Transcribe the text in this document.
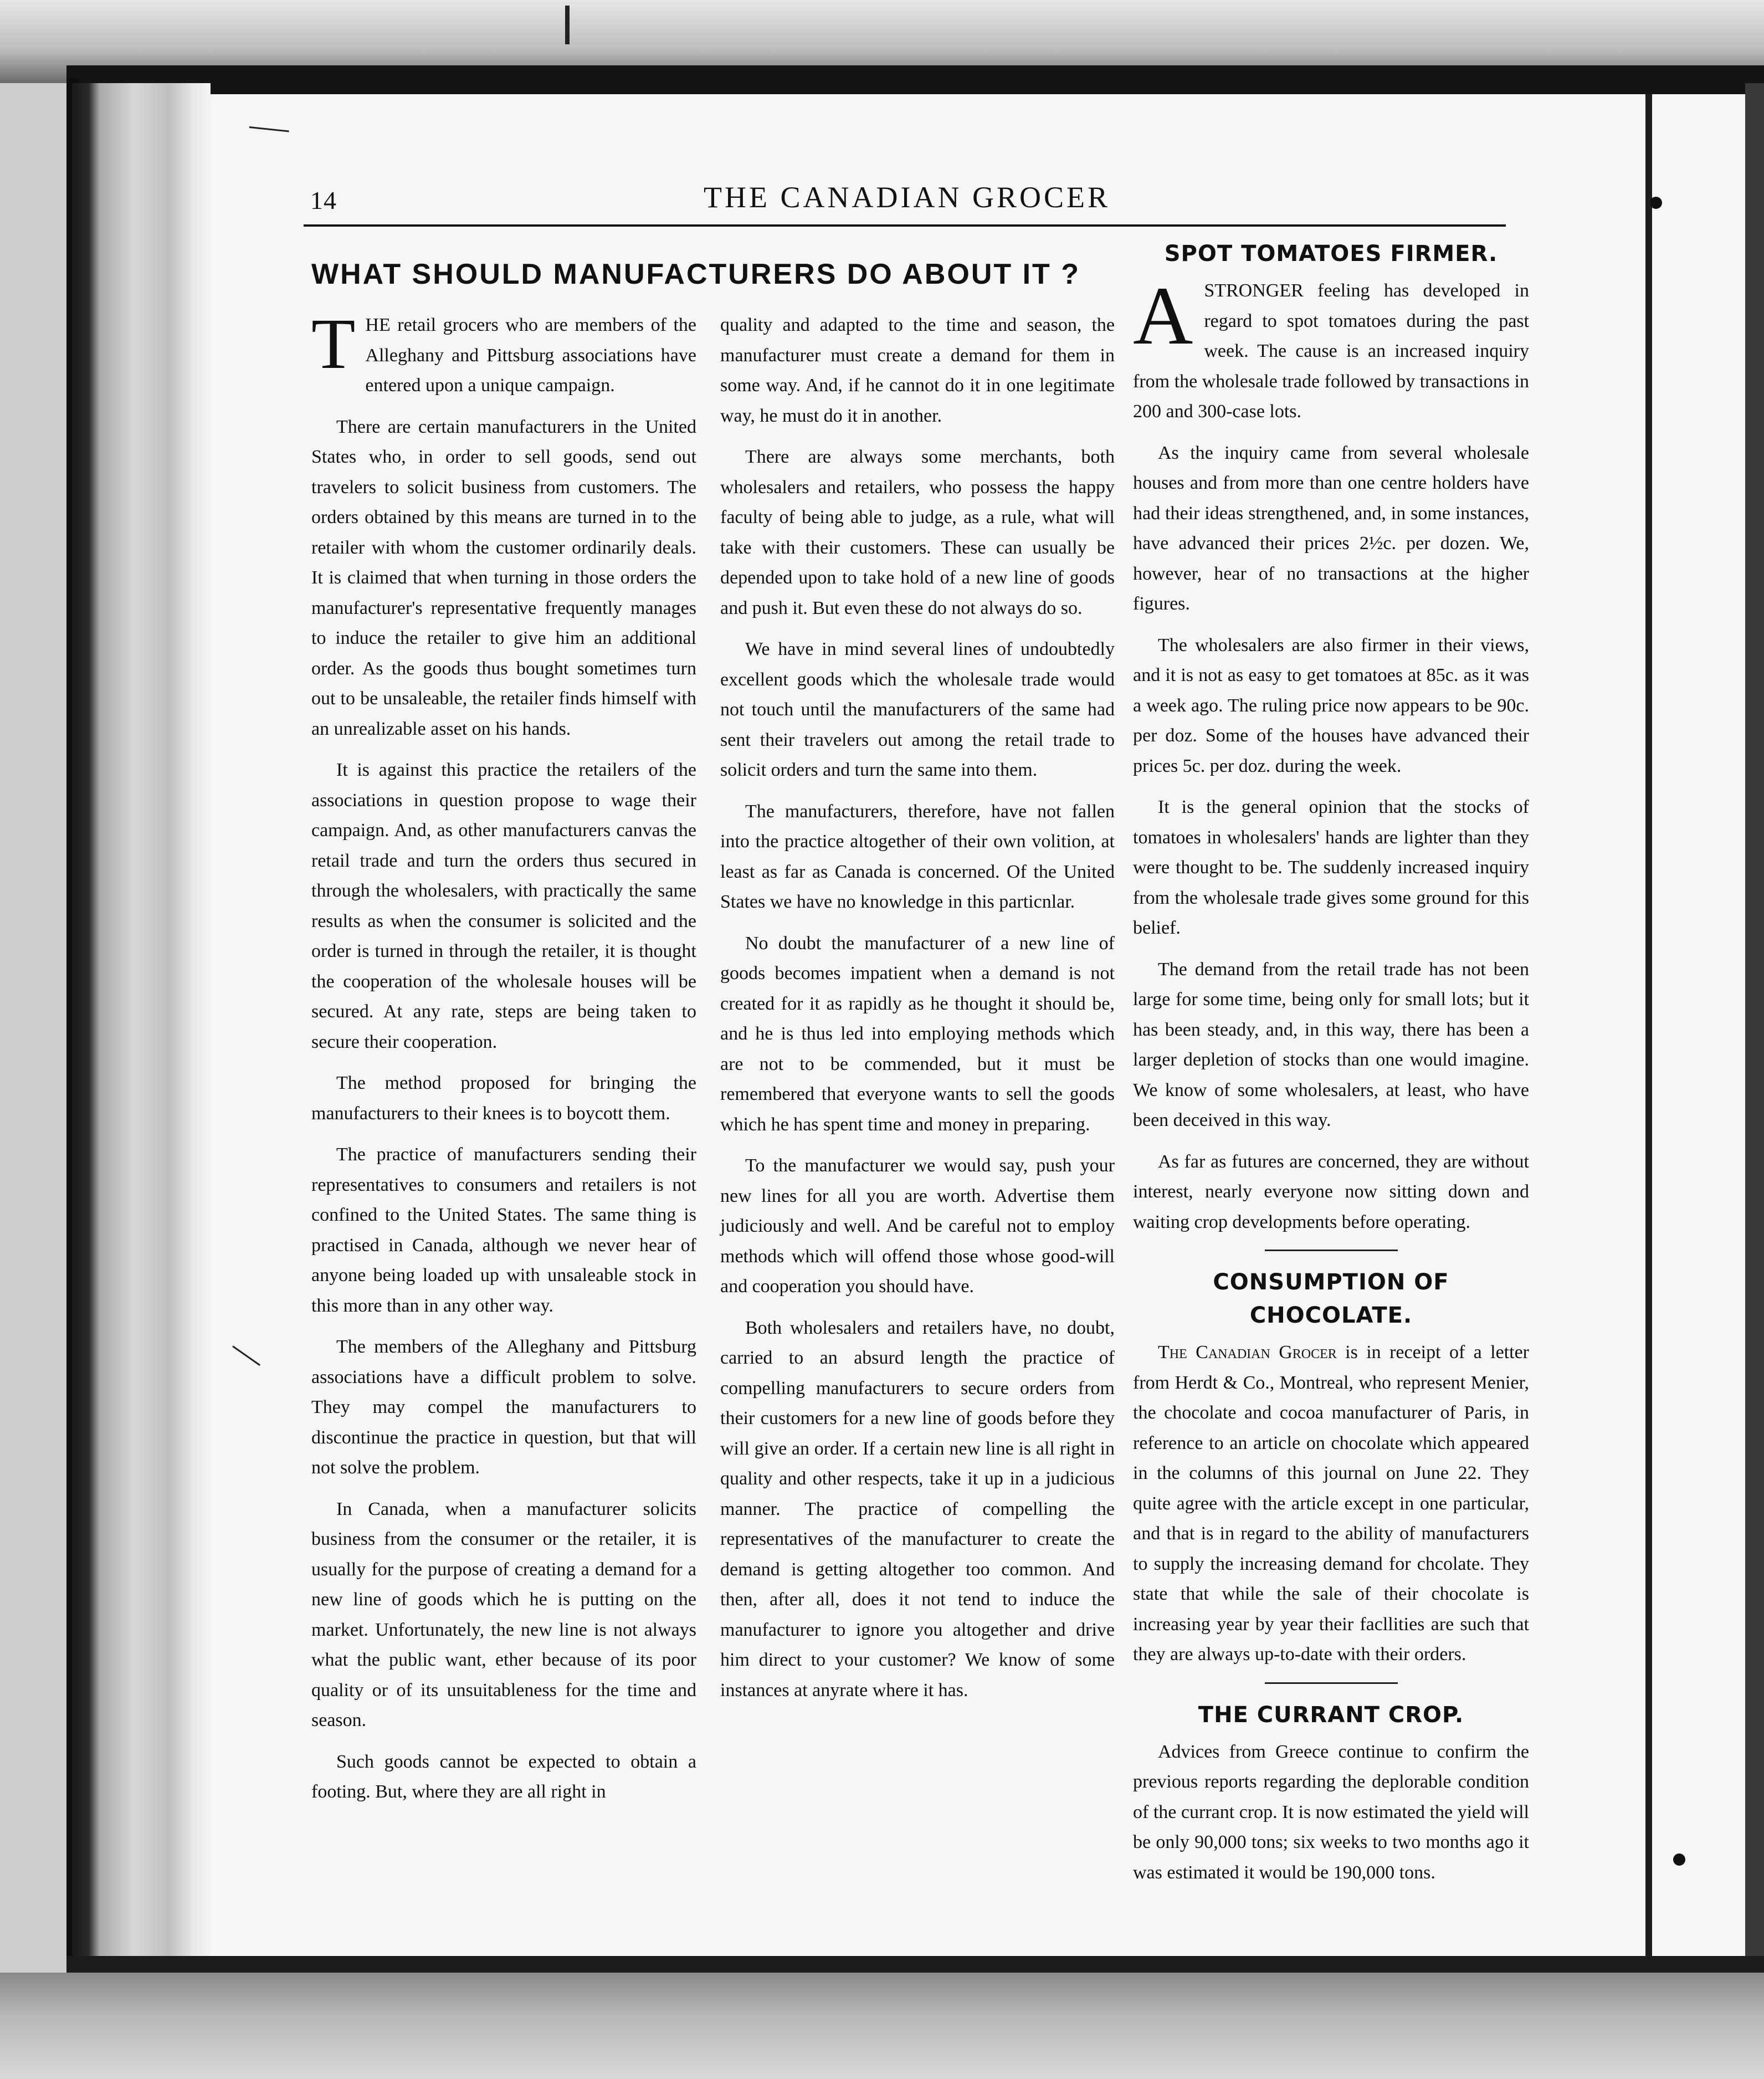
14	THE CANADIAN GROCER
WHAT SHOULD MANUFACTURERS DO ABOUT IT ?

THE retail grocers who are members of the Alleghany and Pittsburg associations have entered upon a unique campaign.

There are certain manufacturers in the United States who, in order to sell goods, send out travelers to solicit business from customers. The orders obtained by this means are turned in to the retailer with whom the customer ordinarily deals. It is claimed that when turning in those orders the manufacturer's representative frequently manages to induce the retailer to give him an additional order. As the goods thus bought sometimes turn out to be unsaleable, the retailer finds himself with an unrealizable asset on his hands.

It is against this practice the retailers of the associations in question propose to wage their campaign. And, as other manufacturers canvas the retail trade and turn the orders thus secured in through the wholesalers, with practically the same results as when the consumer is solicited and the order is turned in through the retailer, it is thought the cooperation of the wholesale houses will be secured. At any rate, steps are being taken to secure their cooperation.

The method proposed for bringing the manufacturers to their knees is to boycott them.

The practice of manufacturers sending their representatives to consumers and retailers is not confined to the United States. The same thing is practised in Canada, although we never hear of anyone being loaded up with unsaleable stock in this more than in any other way.

The members of the Alleghany and Pittsburg associations have a difficult problem to solve. They may compel the manufacturers to discontinue the practice in question, but that will not solve the problem.

In Canada, when a manufacturer solicits business from the consumer or the retailer, it is usually for the purpose of creating a demand for a new line of goods which he is putting on the market. Unfortunately, the new line is not always what the public want, ether because of its poor quality or of its unsuitableness for the time and season.

Such goods cannot be expected to obtain a footing. But, where they are all right in

quality and adapted to the time and season, the manufacturer must create a demand for them in some way. And, if he cannot do it in one legitimate way, he must do it in another.

There are always some merchants, both wholesalers and retailers, who possess the happy faculty of being able to judge, as a rule, what will take with their customers. These can usually be depended upon to take hold of a new line of goods and push it. But even these do not always do so.

We have in mind several lines of undoubtedly excellent goods which the wholesale trade would not touch until the manufacturers of the same had sent their travelers out among the retail trade to solicit orders and turn the same into them.

The manufacturers, therefore, have not fallen into the practice altogether of their own volition, at least as far as Canada is concerned. Of the United States we have no knowledge in this particnlar.

No doubt the manufacturer of a new line of goods becomes impatient when a demand is not created for it as rapidly as he thought it should be, and he is thus led into employing methods which are not to be commended, but it must be remembered that everyone wants to sell the goods which he has spent time and money in preparing.

To the manufacturer we would say, push your new lines for all you are worth. Advertise them judiciously and well. And be careful not to employ methods which will offend those whose good-will and cooperation you should have.

Both wholesalers and retailers have, no doubt, carried to an absurd length the practice of compelling manufacturers to secure orders from their customers for a new line of goods before they will give an order. If a certain new line is all right in quality and other respects, take it up in a judicious manner. The practice of compelling the representatives of the manufacturer to create the demand is getting altogether too common. And then, after all, does it not tend to induce the manufacturer to ignore you altogether and drive him direct to your customer? We know of some instances at anyrate where it has.

SPOT TOMATOES FIRMER.

ASTRONGER feeling has developed in regard to spot tomatoes during the past week. The cause is an increased inquiry from the wholesale trade followed by transactions in 200 and 300-case lots.

As the inquiry came from several wholesale houses and from more than one centre holders have had their ideas strengthened, and, in some instances, have advanced their prices 2½c. per dozen. We, however, hear of no transactions at the higher figures.

The wholesalers are also firmer in their views, and it is not as easy to get tomatoes at 85c. as it was a week ago. The ruling price now appears to be 90c. per doz. Some of the houses have advanced their prices 5c. per doz. during the week.

It is the general opinion that the stocks of tomatoes in wholesalers' hands are lighter than they were thought to be. The suddenly increased inquiry from the wholesale trade gives some ground for this belief.

The demand from the retail trade has not been large for some time, being only for small lots; but it has been steady, and, in this way, there has been a larger depletion of stocks than one would imagine. We know of some wholesalers, at least, who have been deceived in this way.

As far as futures are concerned, they are without interest, nearly everyone now sitting down and waiting crop developments before operating.

CONSUMPTION OF CHOCOLATE.

The Canadian Grocer is in receipt of a letter from Herdt & Co., Montreal, who represent Menier, the chocolate and cocoa manufacturer of Paris, in reference to an article on chocolate which appeared in the columns of this journal on June 22. They quite agree with the article except in one particular, and that is in regard to the ability of manufacturers to supply the increasing demand for chcolate. They state that while the sale of their chocolate is increasing year by year their facllities are such that they are always up-to-date with their orders.

THE CURRANT CROP.

Advices from Greece continue to confirm the previous reports regarding the deplorable condition of the currant crop. It is now estimated the yield will be only 90,000 tons; six weeks to two months ago it was estimated it would be 190,000 tons.
